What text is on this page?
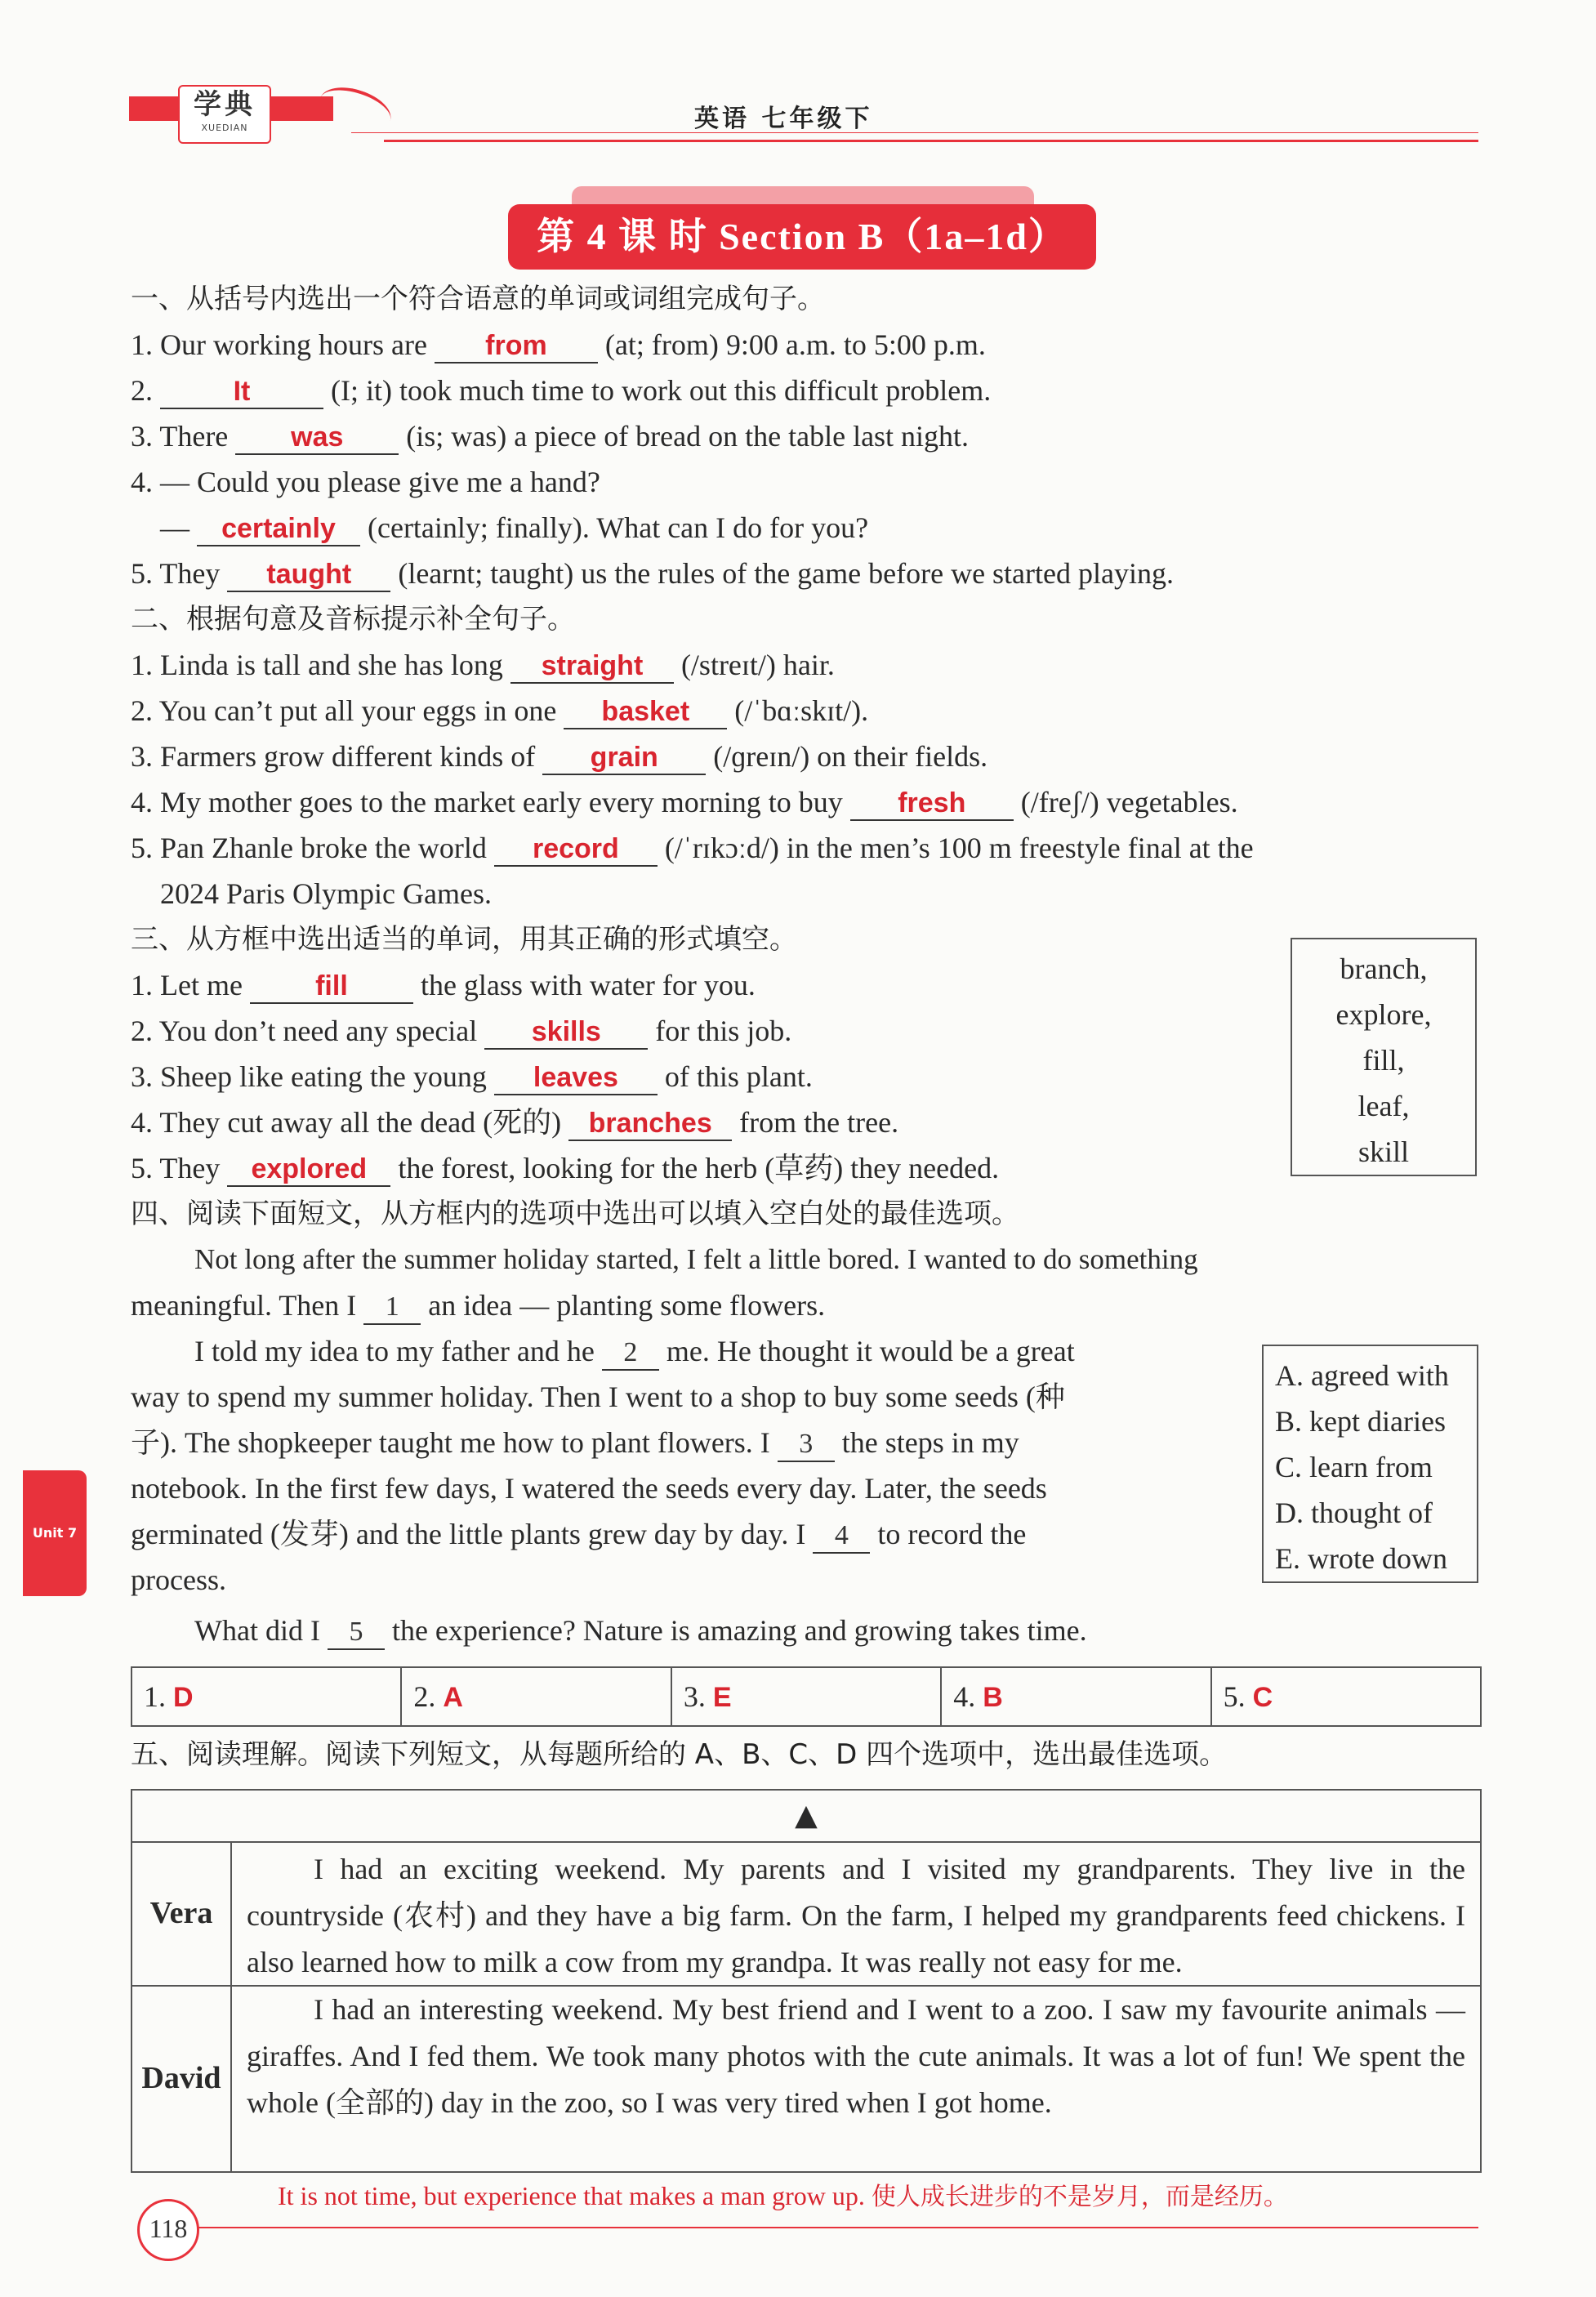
学典
XUEDIAN	英语 七年级下
第 4 课 时 Section B（1a–1d）
一、从括号内选出一个符合语意的单词或词组完成句子。
1. Our working hours are from (at; from) 9:00 a.m. to 5:00 p.m.
2.	It (I; it) took much time to work out this difficult problem.
3. There was (is; was) a piece of bread on the table last night.
4. — Could you please give me a hand?
— certainly (certainly; finally). What can I do for you?
5. They taught (learnt; taught) us the rules of the game before we started playing.
二、根据句意及音标提示补全句子。
1. Linda is tall and she has long straight (/streɪt/) hair.
2. You can’t put all your eggs in one basket (/ˈbɑːskɪt/).
3. Farmers grow different kinds of grain (/ɡreɪn/) on their fields.
4. My mother goes to the market early every morning to buy fresh (/freʃ/) vegetables.
5. Pan Zhanle broke the world record (/ˈrɪkɔːd/) in the men’s 100 m freestyle final at the
2024 Paris Olympic Games.
三、从方框中选出适当的单词，用其正确的形式填空。
branch,
explore,
fill,
leaf,
skill
1. Let me fill the glass with water for you.
2. You don’t need any special skills for this job.
3. Sheep like eating the young leaves of this plant.
4. They cut away all the dead (死的) branches from the tree.
5. They explored the forest, looking for the herb (草药) they needed.
四、阅读下面短文，从方框内的选项中选出可以填入空白处的最佳选项。
A. agreed with
B. kept diaries
C. learn from
D. thought of
E. wrote down
Not long after the summer holiday started, I felt a little bored. I wanted to do something
meaningful. Then I 1 an idea — planting some flowers.
I told my idea to my father and he 2 me. He thought it would be a great
way to spend my summer holiday. Then I went to a shop to buy some seeds (种
子). The shopkeeper taught me how to plant flowers. I 3 the steps in my
notebook. In the first few days, I watered the seeds every day. Later, the seeds
germinated (发芽) and the little plants grew day by day. I 4 to record the
process.
What did I 5 the experience? Nature is amazing and growing takes time.
1. D	2. A	3. E	4. B	5. C
五、阅读理解。阅读下列短文，从每题所给的 A、B、C、D 四个选项中，选出最佳选项。
▲
Vera
I had an exciting weekend. My parents and I visited my grandparents. They live in the countryside (农村) and they have a big farm. On the farm, I helped my grandparents feed chickens. I also learned how to milk a cow from my grandpa. It was really not easy for me.
David
I had an interesting weekend. My best friend and I went to a zoo. I saw my favourite animals — giraffes. And I fed them. We took many photos with the cute animals. It was a lot of fun! We spent the whole (全部的) day in the zoo, so I was very tired when I got home.
Unit 7
118
It is not time, but experience that makes a man grow up. 使人成长进步的不是岁月，而是经历。
